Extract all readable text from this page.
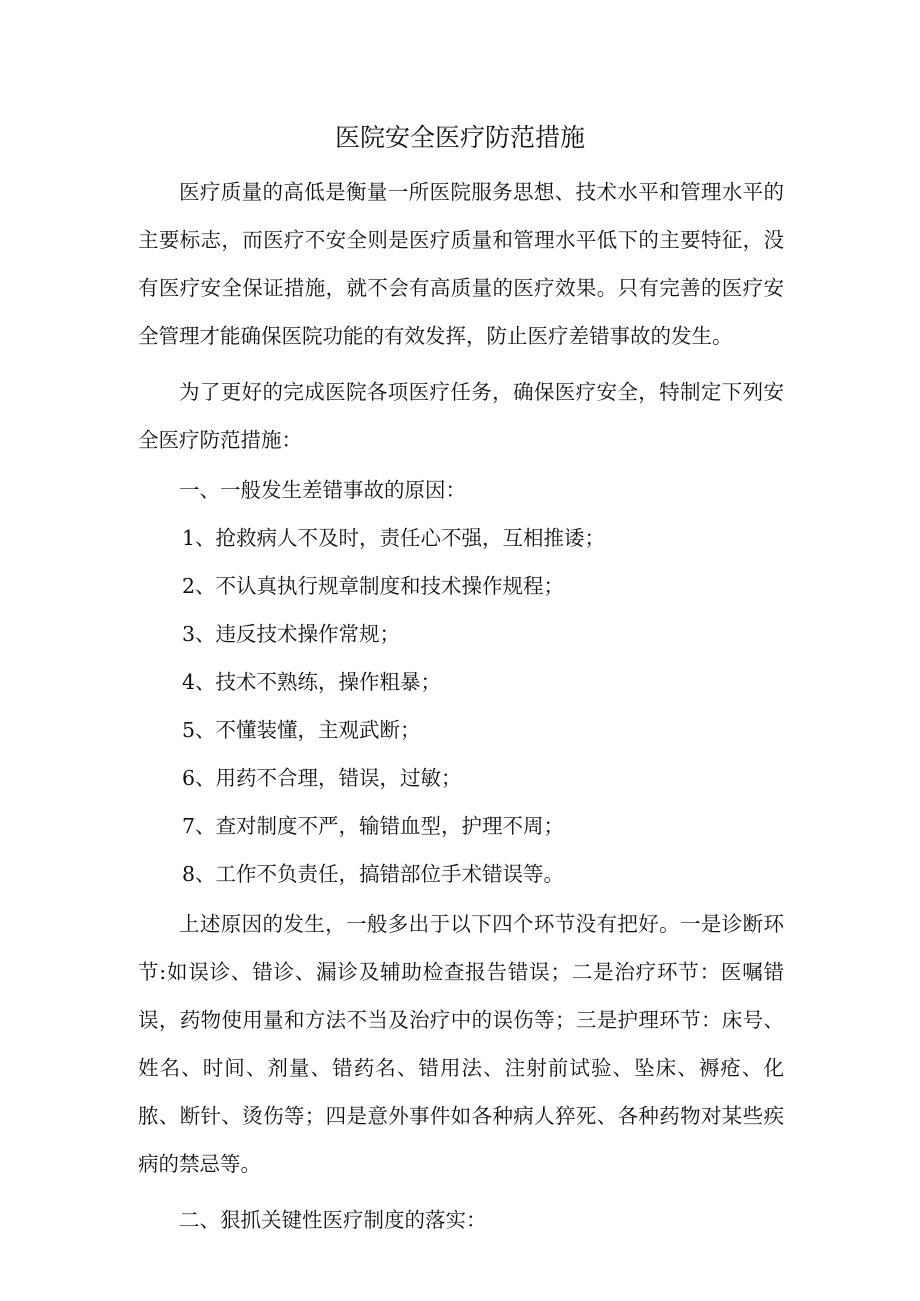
医院安全医疗防范措施

医疗质量的高低是衡量一所医院服务思想、技术水平和管理水平的主要标志，而医疗不安全则是医疗质量和管理水平低下的主要特征，没有医疗安全保证措施，就不会有高质量的医疗效果。只有完善的医疗安全管理才能确保医院功能的有效发挥，防止医疗差错事故的发生。

为了更好的完成医院各项医疗任务，确保医疗安全，特制定下列安全医疗防范措施：

一、一般发生差错事故的原因：

1、抢救病人不及时，责任心不强，互相推诿；

2、不认真执行规章制度和技术操作规程；

3、违反技术操作常规；

4、技术不熟练，操作粗暴；

5、不懂装懂，主观武断；

6、用药不合理，错误，过敏；

7、查对制度不严，输错血型，护理不周；

8、工作不负责任，搞错部位手术错误等。

上述原因的发生，一般多出于以下四个环节没有把好。一是诊断环节:如误诊、错诊、漏诊及辅助检查报告错误；二是治疗环节：医嘱错误，药物使用量和方法不当及治疗中的误伤等；三是护理环节：床号、姓名、时间、剂量、错药名、错用法、注射前试验、坠床、褥疮、化脓、断针、烫伤等；四是意外事件如各种病人猝死、各种药物对某些疾病的禁忌等。

二、狠抓关键性医疗制度的落实：
